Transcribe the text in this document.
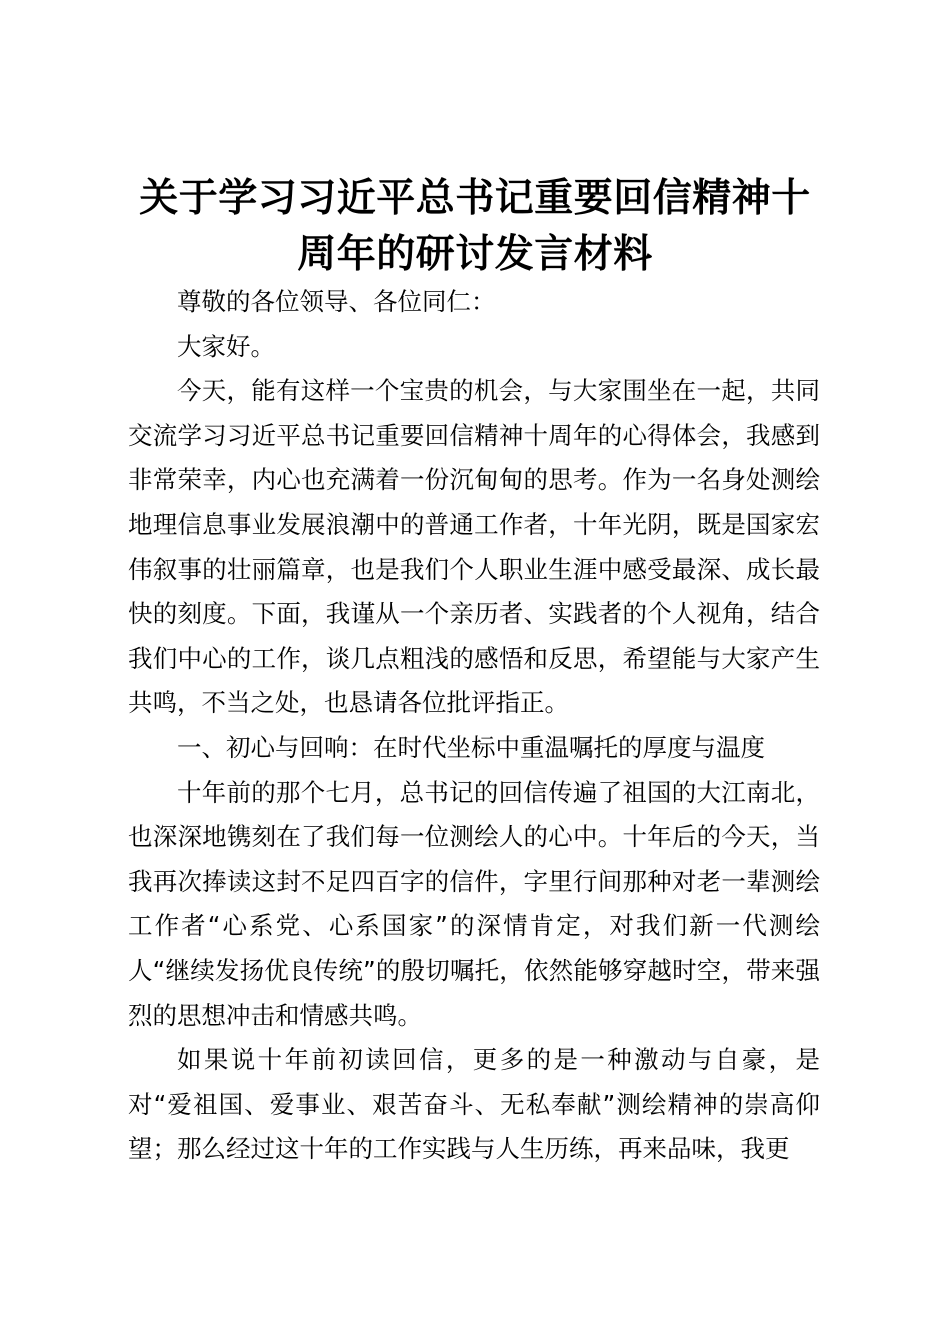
关于学习习近平总书记重要回信精神十
周年的研讨发言材料

尊敬的各位领导、各位同仁：

大家好。

今天，能有这样一个宝贵的机会，与大家围坐在一起，共同交流学习习近平总书记重要回信精神十周年的心得体会，我感到非常荣幸，内心也充满着一份沉甸甸的思考。作为一名身处测绘地理信息事业发展浪潮中的普通工作者，十年光阴，既是国家宏伟叙事的壮丽篇章，也是我们个人职业生涯中感受最深、成长最快的刻度。下面，我谨从一个亲历者、实践者的个人视角，结合我们中心的工作，谈几点粗浅的感悟和反思，希望能与大家产生共鸣，不当之处，也恳请各位批评指正。

一、初心与回响：在时代坐标中重温嘱托的厚度与温度

十年前的那个七月，总书记的回信传遍了祖国的大江南北，也深深地镌刻在了我们每一位测绘人的心中。十年后的今天，当我再次捧读这封不足四百字的信件，字里行间那种对老一辈测绘工作者“心系党、心系国家”的深情肯定，对我们新一代测绘人“继续发扬优良传统”的殷切嘱托，依然能够穿越时空，带来强烈的思想冲击和情感共鸣。

如果说十年前初读回信，更多的是一种激动与自豪，是对“爱祖国、爱事业、艰苦奋斗、无私奉献”测绘精神的崇高仰望；那么经过这十年的工作实践与人生历练，再来品味，我更
